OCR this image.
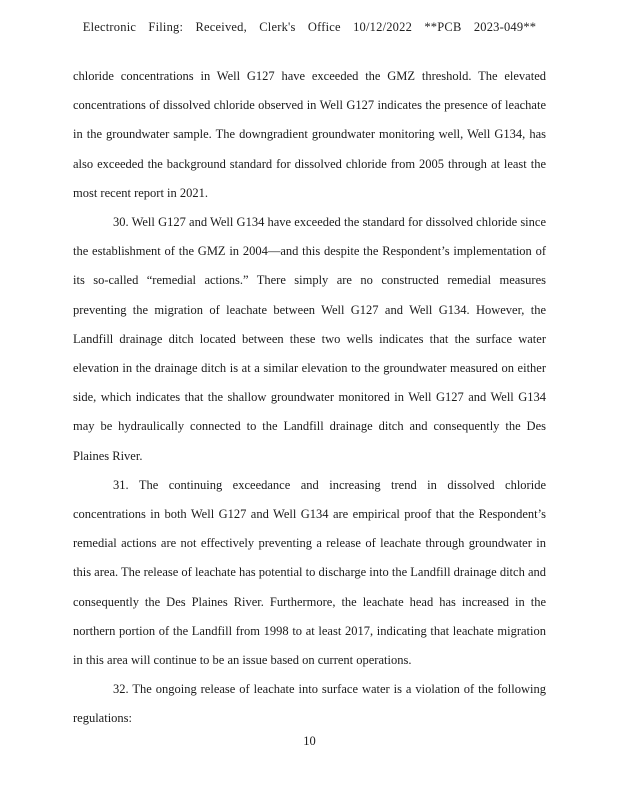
Electronic Filing: Received, Clerk's Office 10/12/2022 **PCB 2023-049**

chloride concentrations in Well G127 have exceeded the GMZ threshold. The elevated concentrations of dissolved chloride observed in Well G127 indicates the presence of leachate in the groundwater sample. The downgradient groundwater monitoring well, Well G134, has also exceeded the background standard for dissolved chloride from 2005 through at least the most recent report in 2021.

30. Well G127 and Well G134 have exceeded the standard for dissolved chloride since the establishment of the GMZ in 2004—and this despite the Respondent’s implementation of its so-called “remedial actions.” There simply are no constructed remedial measures preventing the migration of leachate between Well G127 and Well G134. However, the Landfill drainage ditch located between these two wells indicates that the surface water elevation in the drainage ditch is at a similar elevation to the groundwater measured on either side, which indicates that the shallow groundwater monitored in Well G127 and Well G134 may be hydraulically connected to the Landfill drainage ditch and consequently the Des Plaines River.

31. The continuing exceedance and increasing trend in dissolved chloride concentrations in both Well G127 and Well G134 are empirical proof that the Respondent’s remedial actions are not effectively preventing a release of leachate through groundwater in this area. The release of leachate has potential to discharge into the Landfill drainage ditch and consequently the Des Plaines River. Furthermore, the leachate head has increased in the northern portion of the Landfill from 1998 to at least 2017, indicating that leachate migration in this area will continue to be an issue based on current operations.

32. The ongoing release of leachate into surface water is a violation of the following regulations:

10
